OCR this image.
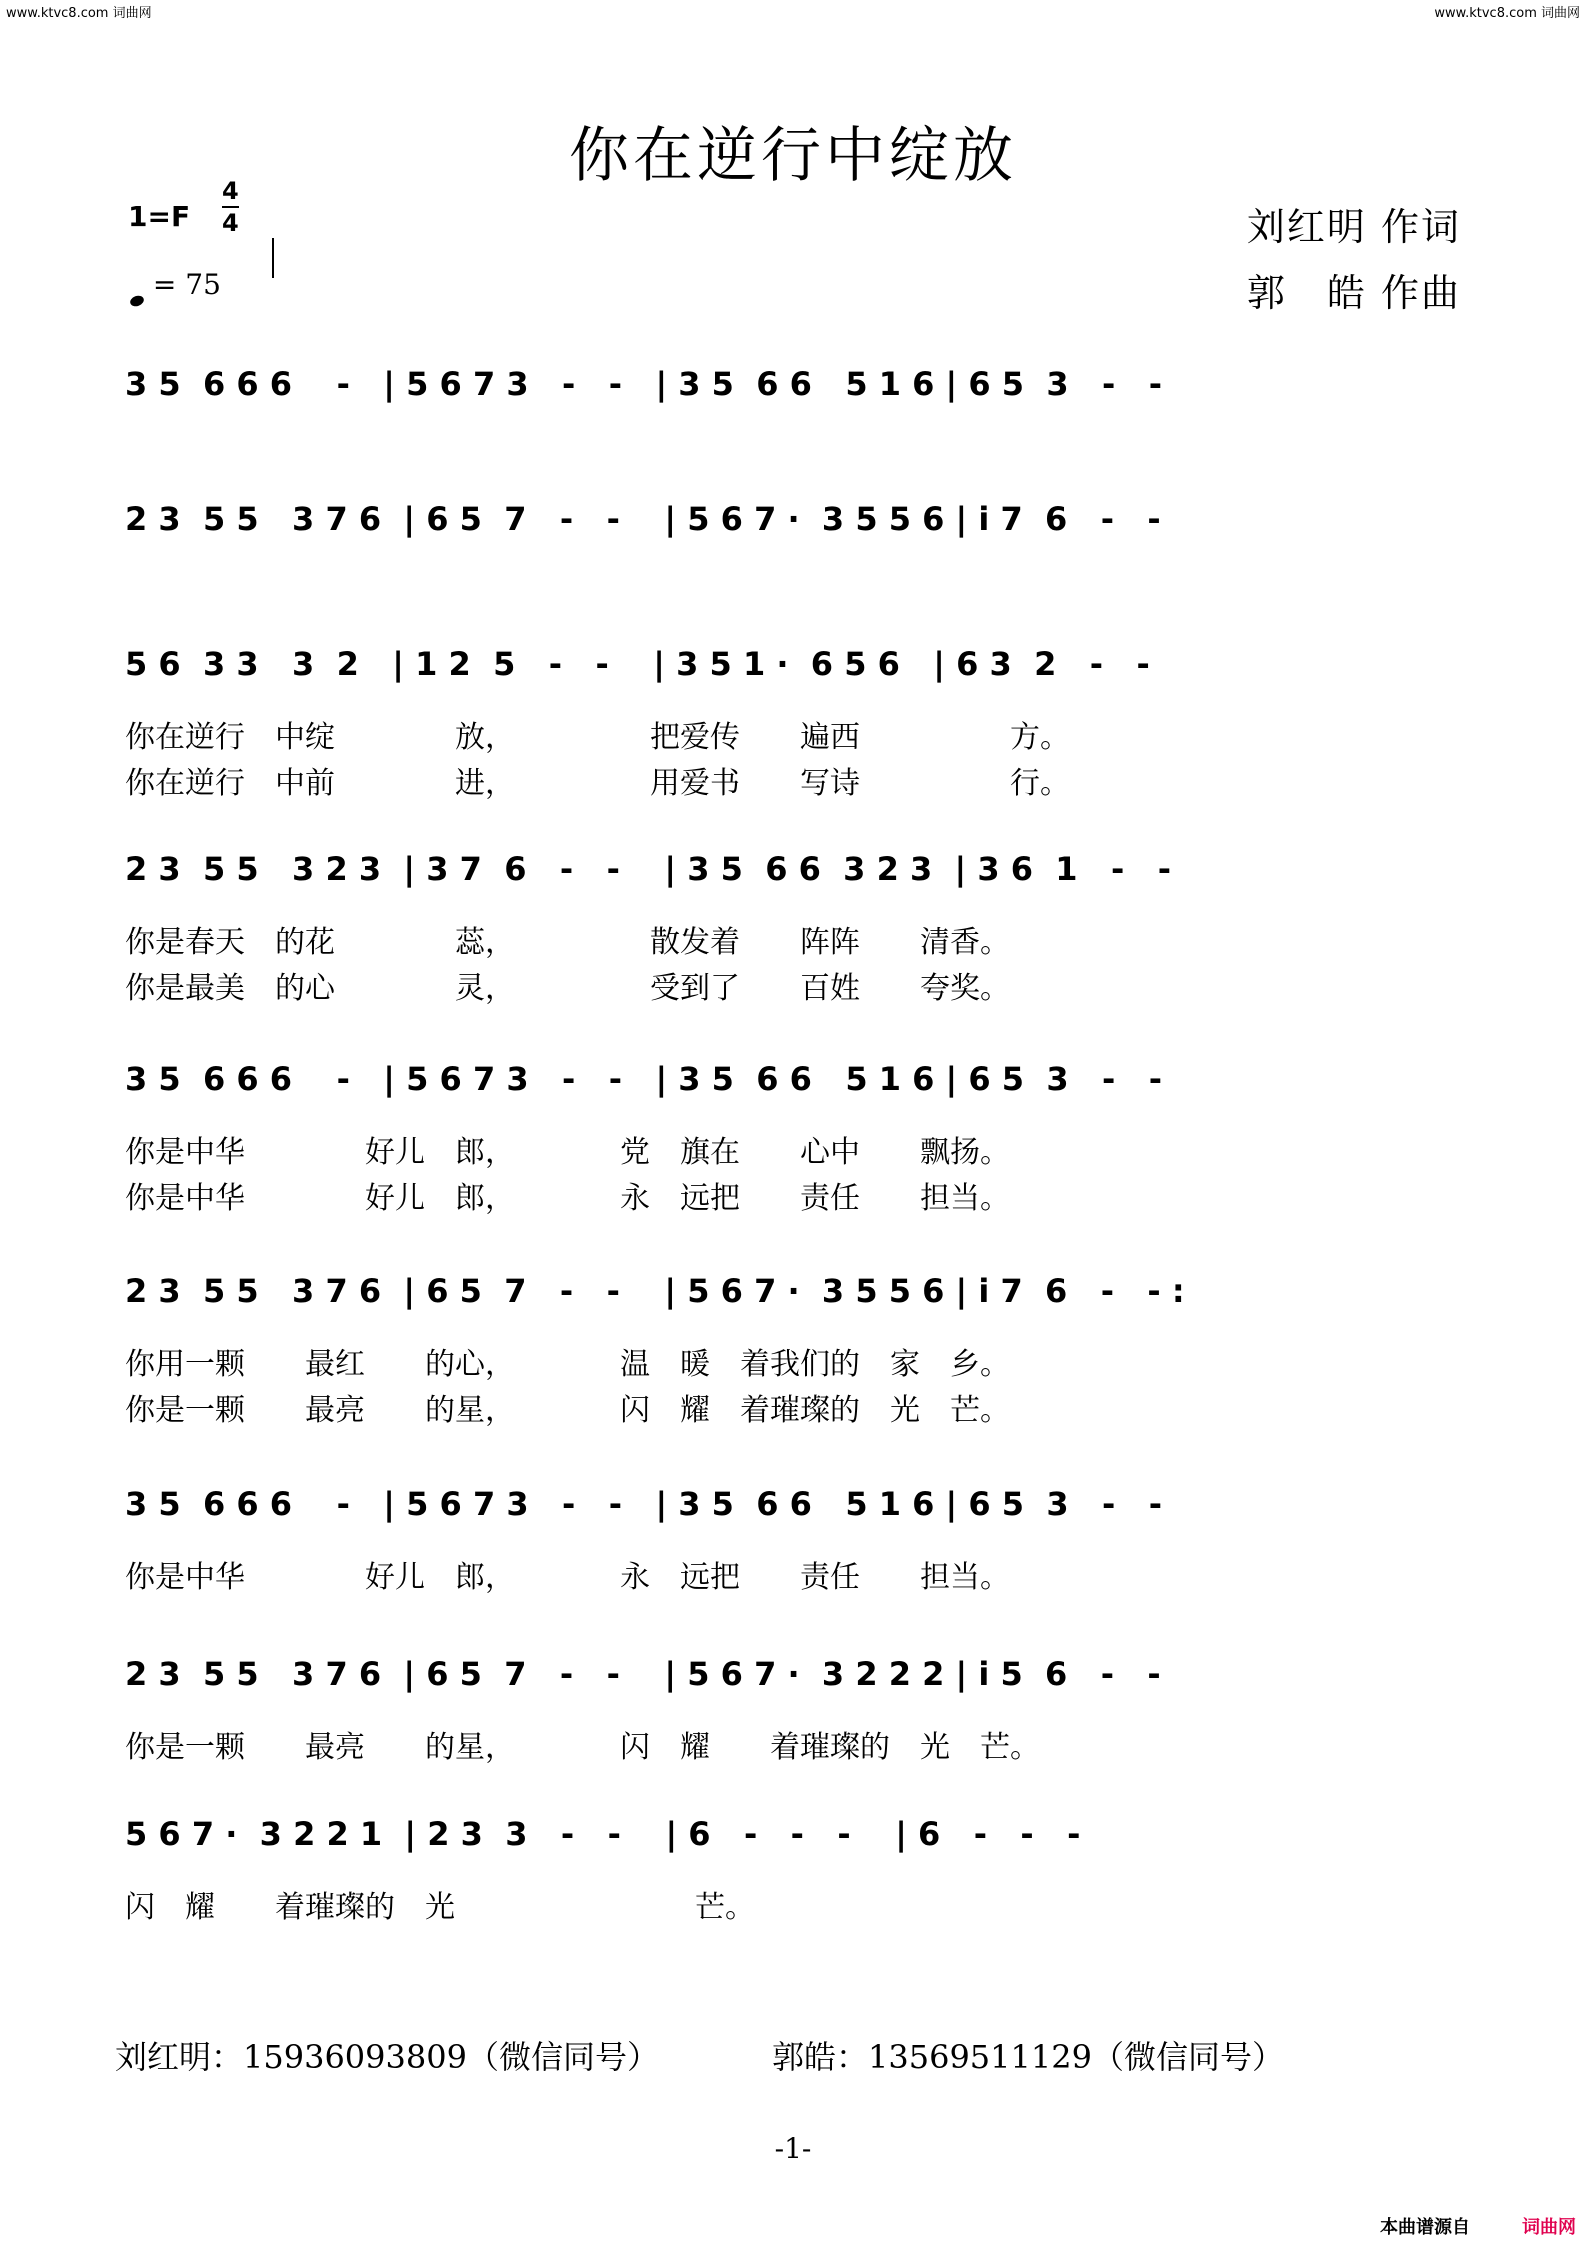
www.ktvc8.com 词曲网	www.ktvc8.com 词曲网
你在逆行中绽放
1=F
4
4
= 75
刘红明 作词
郭　皓 作曲
3 5  6 6 6    -   | 5 6 7 3   -   -   | 3 5  6 6   5 1 6 | 6 5  3   -   -
2 3  5 5   3 7 6  | 6 5  7   -   -    | 5 6 7 ·  3 5 5 6 | i 7  6   -   -
5 6  3 3   3  2   | 1 2  5   -   -    | 3 5 1 ·  6 5 6   | 6 3  2   -   -
你在逆行　中绽　　　　放，　　　　　把爱传　　遍西　　　　　方。
你在逆行　中前　　　　进，　　　　　用爱书　　写诗　　　　　行。
2 3  5 5   3 2 3  | 3 7  6   -   -    | 3 5  6 6  3 2 3  | 3 6  1   -   -
你是春天　的花　　　　蕊，　　　　　散发着　　阵阵　　清香。
你是最美　的心　　　　灵，　　　　　受到了　　百姓　　夸奖。
3 5  6 6 6    -   | 5 6 7 3   -   -   | 3 5  6 6   5 1 6 | 6 5  3   -   -
你是中华　　　　好儿　郎，　　　　党　旗在　　心中　　飘扬。
你是中华　　　　好儿　郎，　　　　永　远把　　责任　　担当。
2 3  5 5   3 7 6  | 6 5  7   -   -    | 5 6 7 ·  3 5 5 6 | i 7  6   -   - :
你用一颗　　最红　　的心，　　　　温　暖　着我们的　家　乡。
你是一颗　　最亮　　的星，　　　　闪　耀　着璀璨的　光　芒。
3 5  6 6 6    -   | 5 6 7 3   -   -   | 3 5  6 6   5 1 6 | 6 5  3   -   -
你是中华　　　　好儿　郎，　　　　永　远把　　责任　　担当。
2 3  5 5   3 7 6  | 6 5  7   -   -    | 5 6 7 ·  3 2 2 2 | i 5  6   -   -
你是一颗　　最亮　　的星，　　　　闪　耀　　着璀璨的　光　芒。
5 6 7 ·  3 2 2 1  | 2 3  3   -   -    | 6   -   -   -    | 6   -   -   -
闪　耀　　着璀璨的　光　　　　　　　　芒。
刘红明：15936093809（微信同号）	郭皓：13569511129（微信同号）
-1-
本曲谱源自	词曲网
